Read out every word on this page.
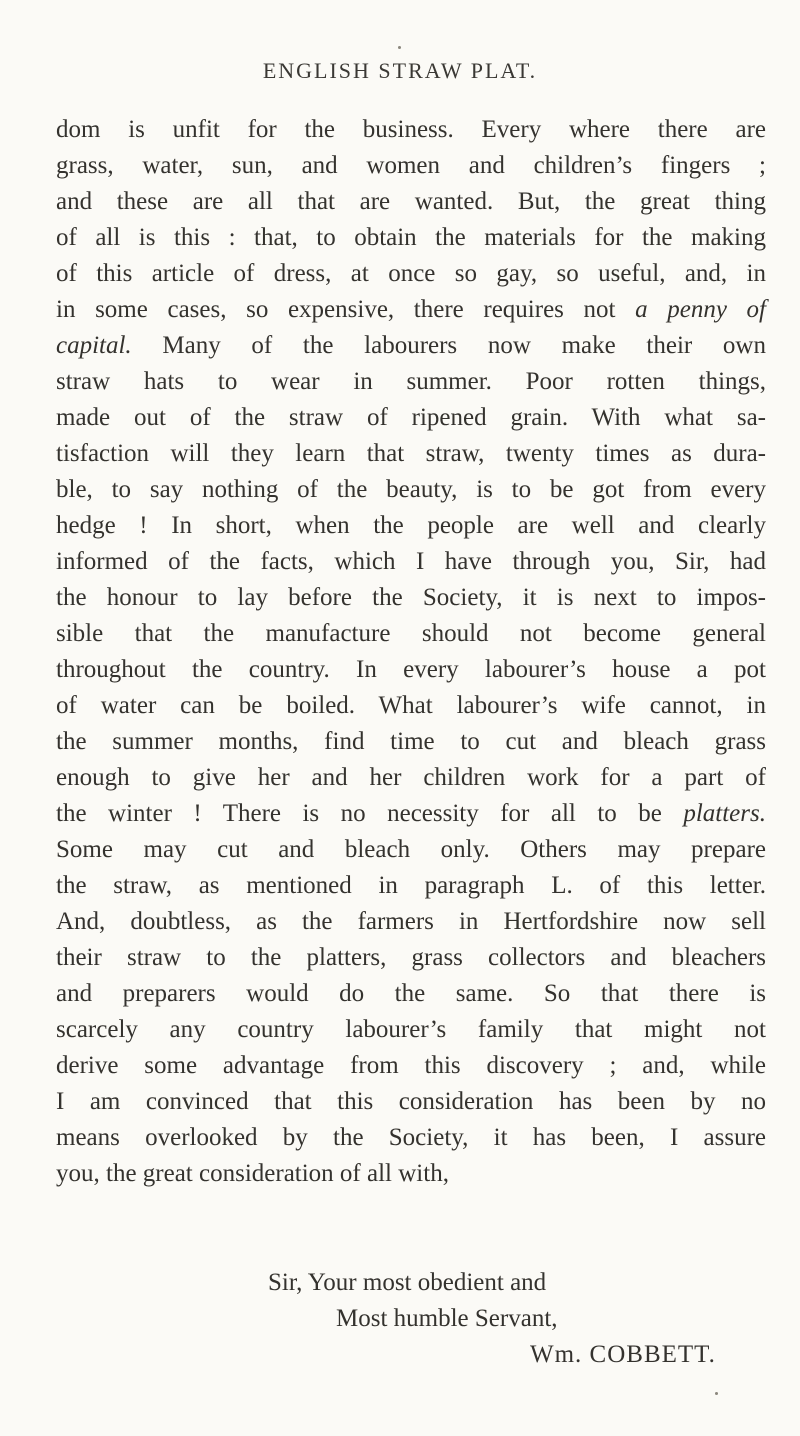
ENGLISH STRAW PLAT.
dom is unfit for the business. Every where there are
grass, water, sun, and women and children’s fingers ;
and these are all that are wanted. But, the great thing
of all is this : that, to obtain the materials for the making
of this article of dress, at once so gay, so useful, and, in
in some cases, so expensive, there requires not a penny of
capital. Many of the labourers now make their own
straw hats to wear in summer. Poor rotten things,
made out of the straw of ripened grain. With what sa-
tisfaction will they learn that straw, twenty times as dura-
ble, to say nothing of the beauty, is to be got from every
hedge ! In short, when the people are well and clearly
informed of the facts, which I have through you, Sir, had
the honour to lay before the Society, it is next to impos-
sible that the manufacture should not become general
throughout the country. In every labourer’s house a pot
of water can be boiled. What labourer’s wife cannot, in
the summer months, find time to cut and bleach grass
enough to give her and her children work for a part of
the winter ! There is no necessity for all to be platters.
Some may cut and bleach only. Others may prepare
the straw, as mentioned in paragraph L. of this letter.
And, doubtless, as the farmers in Hertfordshire now sell
their straw to the platters, grass collectors and bleachers
and preparers would do the same. So that there is
scarcely any country labourer’s family that might not
derive some advantage from this discovery ; and, while
I am convinced that this consideration has been by no
means overlooked by the Society, it has been, I assure
you, the great consideration of all with,
Sir, Your most obedient and
Most humble Servant,
Wm. COBBETT.
